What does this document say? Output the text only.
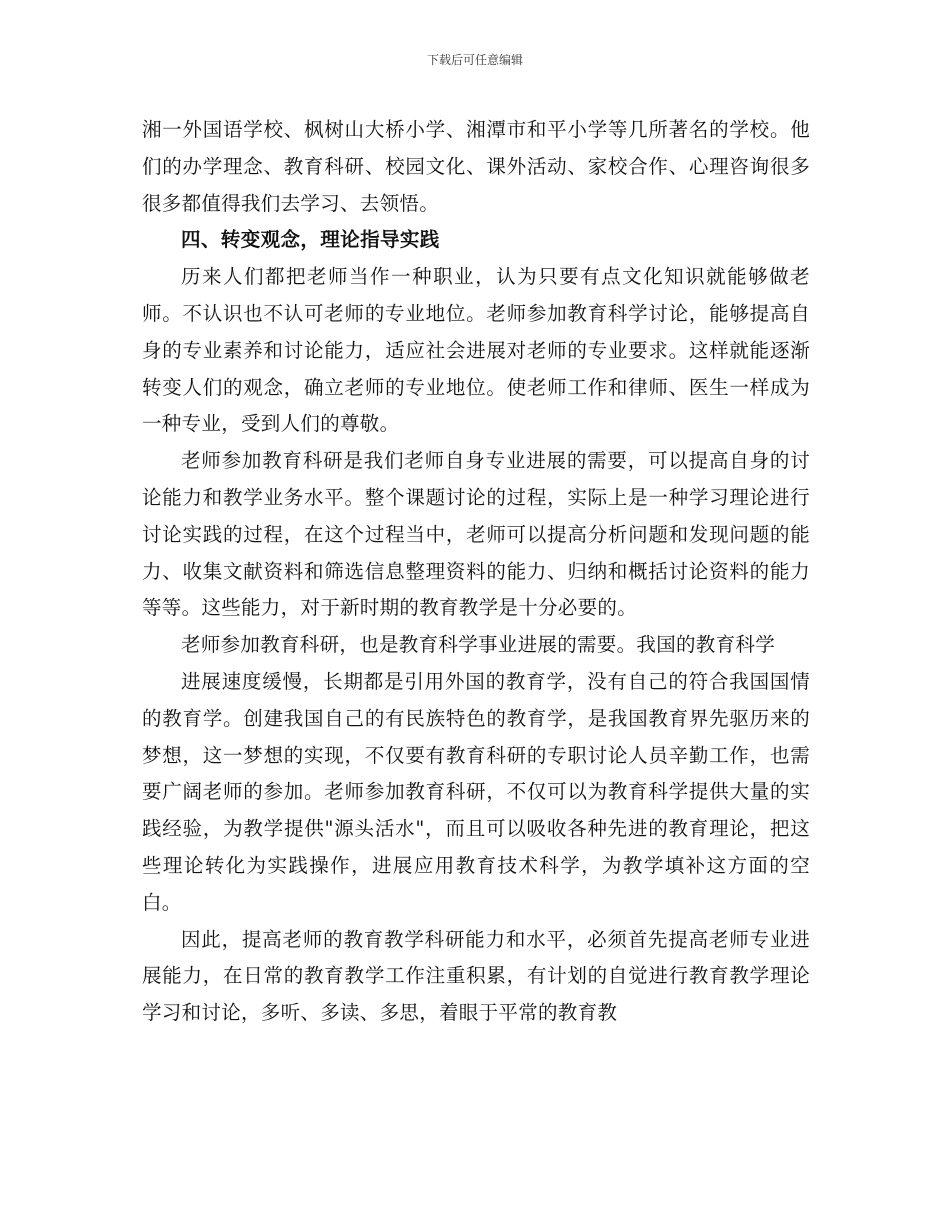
下载后可任意编辑

湘一外国语学校、枫树山大桥小学、湘潭市和平小学等几所著名的学校。他们的办学理念、教育科研、校园文化、课外活动、家校合作、心理咨询很多很多都值得我们去学习、去领悟。

四、转变观念，理论指导实践

历来人们都把老师当作一种职业，认为只要有点文化知识就能够做老师。不认识也不认可老师的专业地位。老师参加教育科学讨论，能够提高自身的专业素养和讨论能力，适应社会进展对老师的专业要求。这样就能逐渐转变人们的观念，确立老师的专业地位。使老师工作和律师、医生一样成为一种专业，受到人们的尊敬。

老师参加教育科研是我们老师自身专业进展的需要，可以提高自身的讨论能力和教学业务水平。整个课题讨论的过程，实际上是一种学习理论进行讨论实践的过程，在这个过程当中，老师可以提高分析问题和发现问题的能力、收集文献资料和筛选信息整理资料的能力、归纳和概括讨论资料的能力等等。这些能力，对于新时期的教育教学是十分必要的。

老师参加教育科研，也是教育科学事业进展的需要。我国的教育科学

进展速度缓慢，长期都是引用外国的教育学，没有自己的符合我国国情的教育学。创建我国自己的有民族特色的教育学，是我国教育界先驱历来的梦想，这一梦想的实现，不仅要有教育科研的专职讨论人员辛勤工作，也需要广阔老师的参加。老师参加教育科研，不仅可以为教育科学提供大量的实践经验，为教学提供"源头活水"，而且可以吸收各种先进的教育理论，把这些理论转化为实践操作，进展应用教育技术科学，为教学填补这方面的空白。

因此，提高老师的教育教学科研能力和水平，必须首先提高老师专业进展能力，在日常的教育教学工作注重积累，有计划的自觉进行教育教学理论学习和讨论，多听、多读、多思，着眼于平常的教育教
